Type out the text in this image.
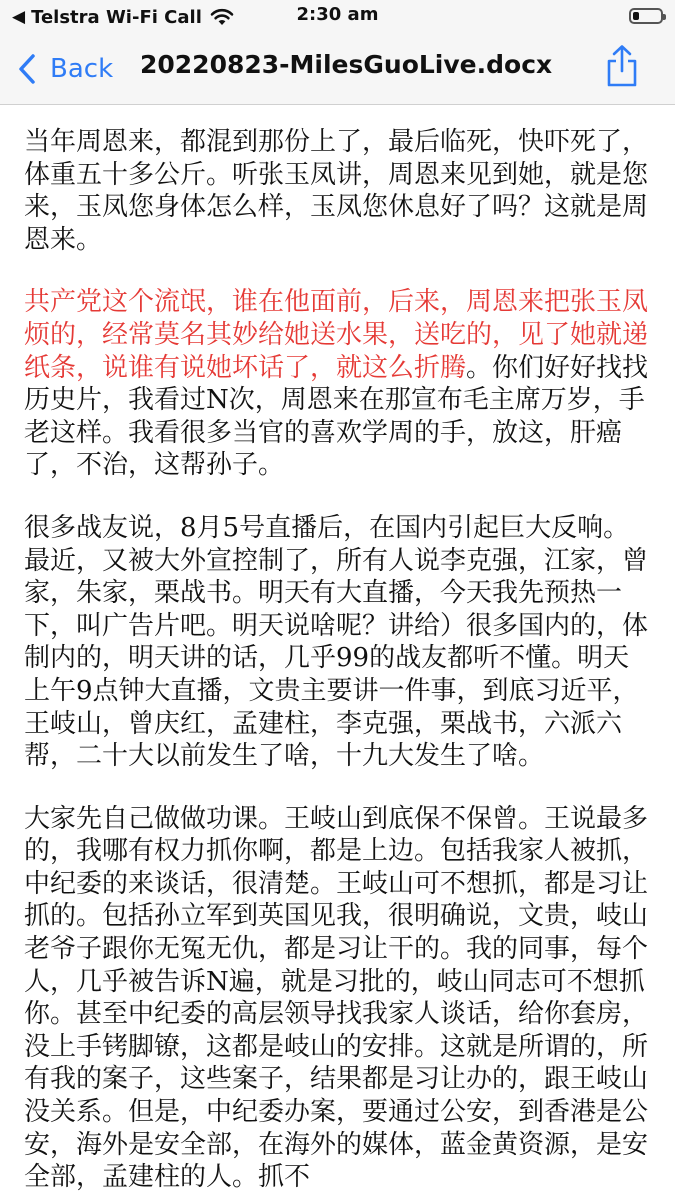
◀ Telstra Wi-Fi Call	2:30 am
Back 20220823-MilesGuoLive.docx

当年周恩来，都混到那份上了，最后临死，快吓死了，体重五十多公斤。听张玉凤讲，周恩来见到她，就是您来，玉凤您身体怎么样，玉凤您休息好了吗？这就是周恩来。

共产党这个流氓，谁在他面前，后来，周恩来把张玉凤烦的，经常莫名其妙给她送水果，送吃的，见了她就递纸条，说谁有说她坏话了，就这么折腾。你们好好找找历史片，我看过N次，周恩来在那宣布毛主席万岁，手老这样。我看很多当官的喜欢学周的手，放这，肝癌了，不治，这帮孙子。

很多战友说，8月5号直播后，在国内引起巨大反响。最近，又被大外宣控制了，所有人说李克强，江家，曾家，朱家，栗战书。明天有大直播，今天我先预热一下，叫广告片吧。明天说啥呢？讲给）很多国内的，体制内的，明天讲的话，几乎99的战友都听不懂。明天上午9点钟大直播，文贵主要讲一件事，到底习近平，王岐山，曾庆红，孟建柱，李克强，栗战书，六派六帮，二十大以前发生了啥，十九大发生了啥。

大家先自己做做功课。王岐山到底保不保曾。王说最多的，我哪有权力抓你啊，都是上边。包括我家人被抓，中纪委的来谈话，很清楚。王岐山可不想抓，都是习让抓的。包括孙立军到英国见我，很明确说，文贵，岐山老爷子跟你无冤无仇，都是习让干的。我的同事，每个人，几乎被告诉N遍，就是习批的，岐山同志可不想抓你。甚至中纪委的高层领导找我家人谈话，给你套房，没上手铐脚镣，这都是岐山的安排。这就是所谓的，所有我的案子，这些案子，结果都是习让办的，跟王岐山没关系。但是，中纪委办案，要通过公安，到香港是公安，海外是安全部，在海外的媒体，蓝金黄资源，是安全部，孟建柱的人。抓不
